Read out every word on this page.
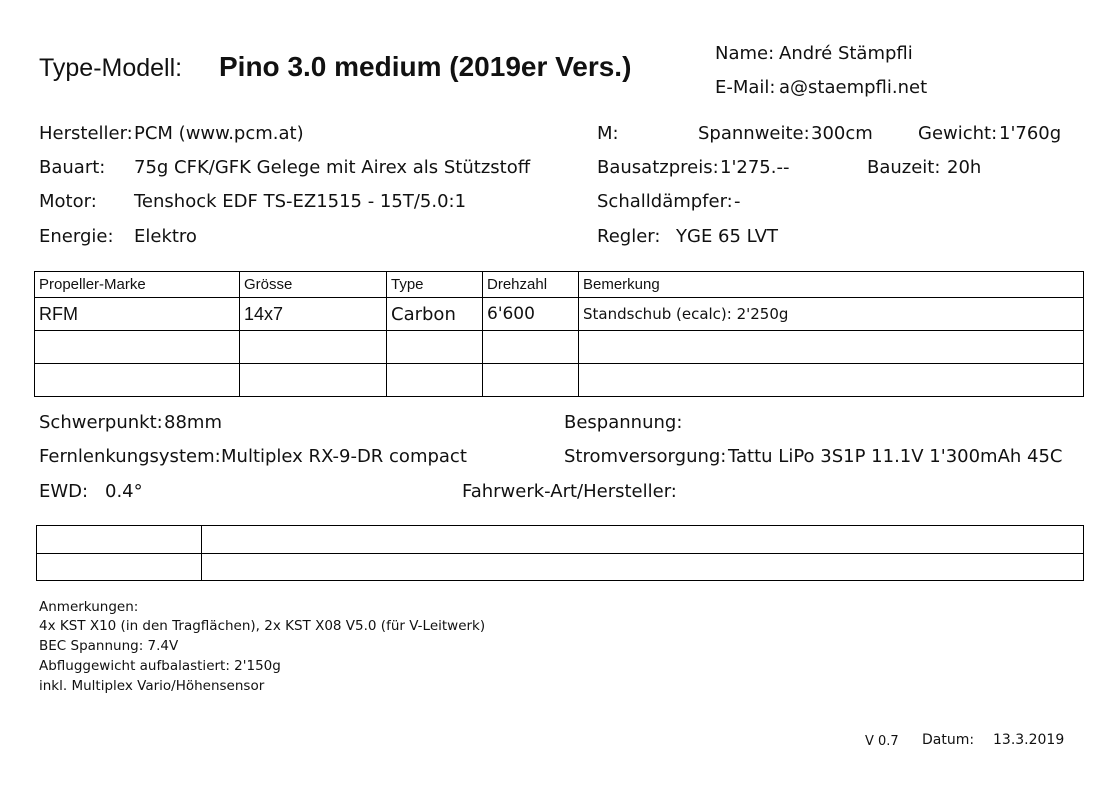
Type-Modell: Pino 3.0 medium (2019er Vers.)	Name: André Stämpfli
E-Mail: a@staempfli.net
Hersteller: PCM (www.pcm.at)
Bauart: 75g CFK/GFK Gelege mit Airex als Stützstoff
Motor: Tenshock EDF TS-EZ1515 - 15T/5.0:1
Energie: Elektro
M:	Spannweite: 300cm	Gewicht: 1'760g
Bausatzpreis: 1'275.--	Bauzeit: 20h
Schalldämpfer: -
Regler: YGE 65 LVT
Propeller-Marke	Grösse	Type	Drehzahl	Bemerkung
RFM	14x7	Carbon	6'600	Standschub (ecalc): 2'250g

Schwerpunkt: 88mm	Bespannung:
Fernlenkungsystem: Multiplex RX-9-DR compact	Stromversorgung: Tattu LiPo 3S1P 11.1V 1'300mAh 45C
EWD: 0.4°	Fahrwerk-Art/Hersteller:

Anmerkungen:
4x KST X10 (in den Tragflächen), 2x KST X08 V5.0 (für V-Leitwerk)
BEC Spannung: 7.4V
Abfluggewicht aufbalastiert: 2'150g
inkl. Multiplex Vario/Höhensensor
V 0.7 Datum: 13.3.2019
